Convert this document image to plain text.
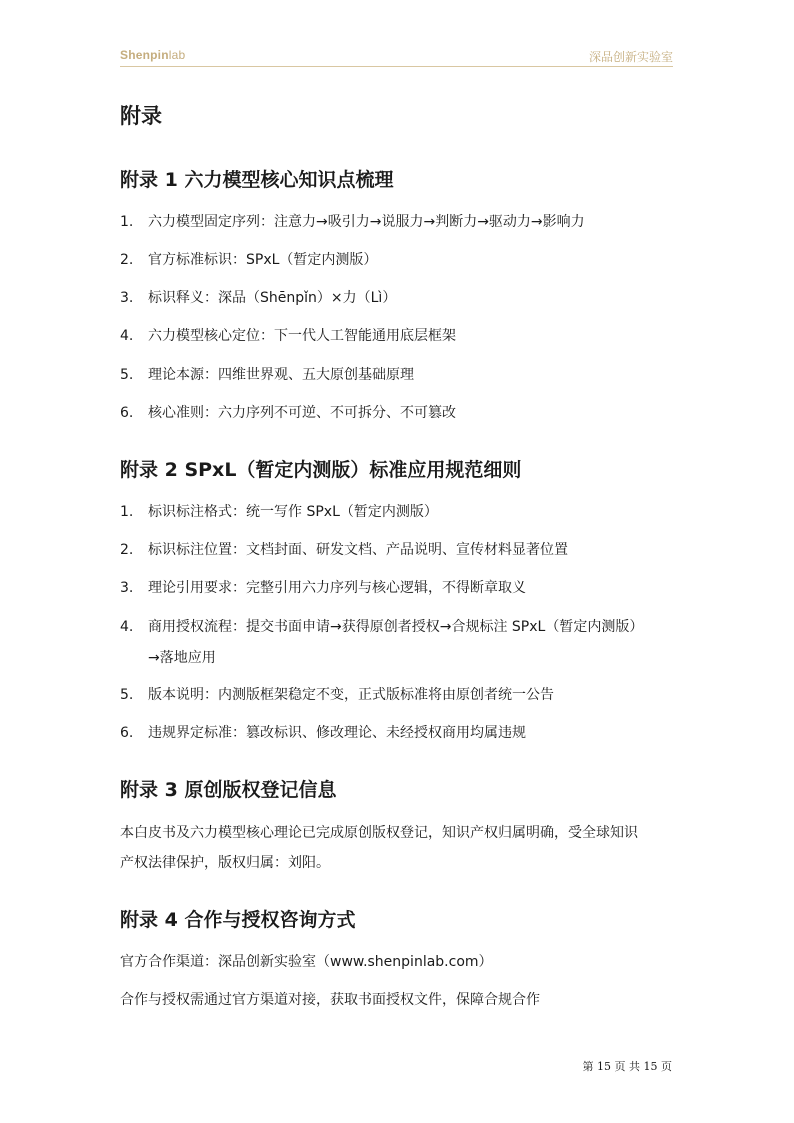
Shenpinlab	深品创新实验室
附录
附录 1 六力模型核心知识点梳理
1. 六力模型固定序列：注意力→吸引力→说服力→判断力→驱动力→影响力
2. 官方标准标识：SPxL（暂定内测版）
3. 标识释义：深品（Shēnpǐn）×力（Lì）
4. 六力模型核心定位：下一代人工智能通用底层框架
5. 理论本源：四维世界观、五大原创基础原理
6. 核心准则：六力序列不可逆、不可拆分、不可篡改
附录 2 SPxL（暂定内测版）标准应用规范细则
1. 标识标注格式：统一写作 SPxL（暂定内测版）
2. 标识标注位置：文档封面、研发文档、产品说明、宣传材料显著位置
3. 理论引用要求：完整引用六力序列与核心逻辑，不得断章取义
4. 商用授权流程：提交书面申请→获得原创者授权→合规标注 SPxL（暂定内测版）
→落地应用
5. 版本说明：内测版框架稳定不变，正式版标准将由原创者统一公告
6. 违规界定标准：篡改标识、修改理论、未经授权商用均属违规
附录 3 原创版权登记信息
本白皮书及六力模型核心理论已完成原创版权登记，知识产权归属明确，受全球知识
产权法律保护，版权归属：刘阳。
附录 4 合作与授权咨询方式
官方合作渠道：深品创新实验室（www.shenpinlab.com）
合作与授权需通过官方渠道对接，获取书面授权文件，保障合规合作
第 15 页 共 15 页
